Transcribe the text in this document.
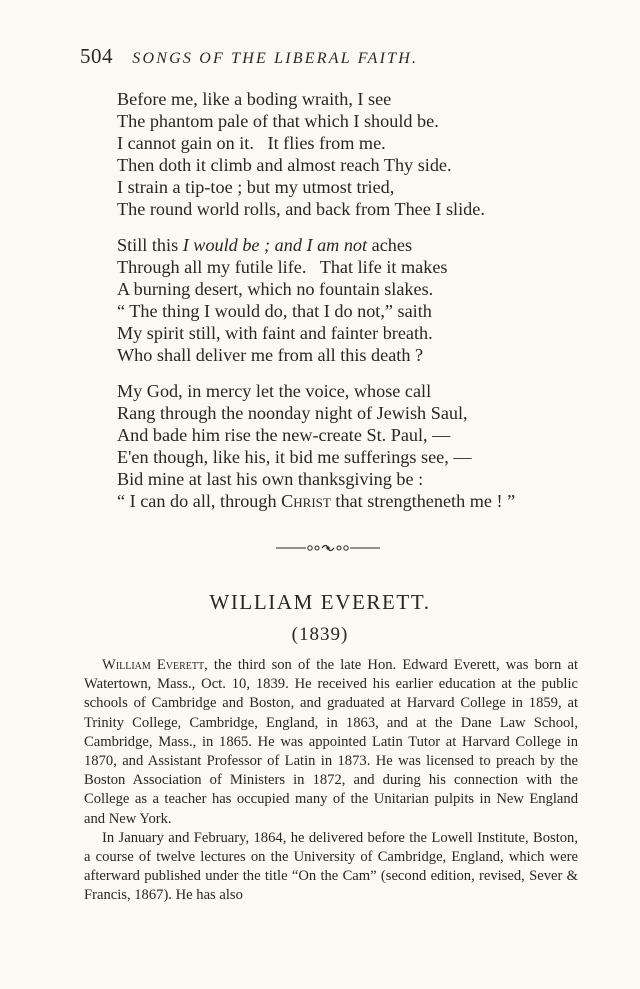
504 SONGS OF THE LIBERAL FAITH.
Before me, like a boding wraith, I see
The phantom pale of that which I should be.
I cannot gain on it.   It flies from me.
Then doth it climb and almost reach Thy side.
I strain a tip-toe ; but my utmost tried,
The round world rolls, and back from Thee I slide.
Still this I would be ; and I am not aches
Through all my futile life.   That life it makes
A burning desert, which no fountain slakes.
“ The thing I would do, that I do not,” saith
My spirit still, with faint and fainter breath.
Who shall deliver me from all this death ?
My God, in mercy let the voice, whose call
Rang through the noonday night of Jewish Saul,
And bade him rise the new-create St. Paul, —
E'en though, like his, it bid me sufferings see, —
Bid mine at last his own thanksgiving be :
“ I can do all, through Christ that strengtheneth me ! ”
WILLIAM EVERETT.
(1839)

William Everett, the third son of the late Hon. Edward Everett, was born at Watertown, Mass., Oct. 10, 1839. He received his earlier education at the public schools of Cambridge and Boston, and graduated at Harvard College in 1859, at Trinity College, Cambridge, England, in 1863, and at the Dane Law School, Cambridge, Mass., in 1865. He was appointed Latin Tutor at Harvard College in 1870, and Assistant Professor of Latin in 1873. He was licensed to preach by the Boston Association of Ministers in 1872, and during his connection with the College as a teacher has occupied many of the Unitarian pulpits in New England and New York.

In January and February, 1864, he delivered before the Lowell Institute, Boston, a course of twelve lectures on the University of Cambridge, England, which were afterward published under the title “On the Cam” (second edition, revised, Sever & Francis, 1867). He has also
